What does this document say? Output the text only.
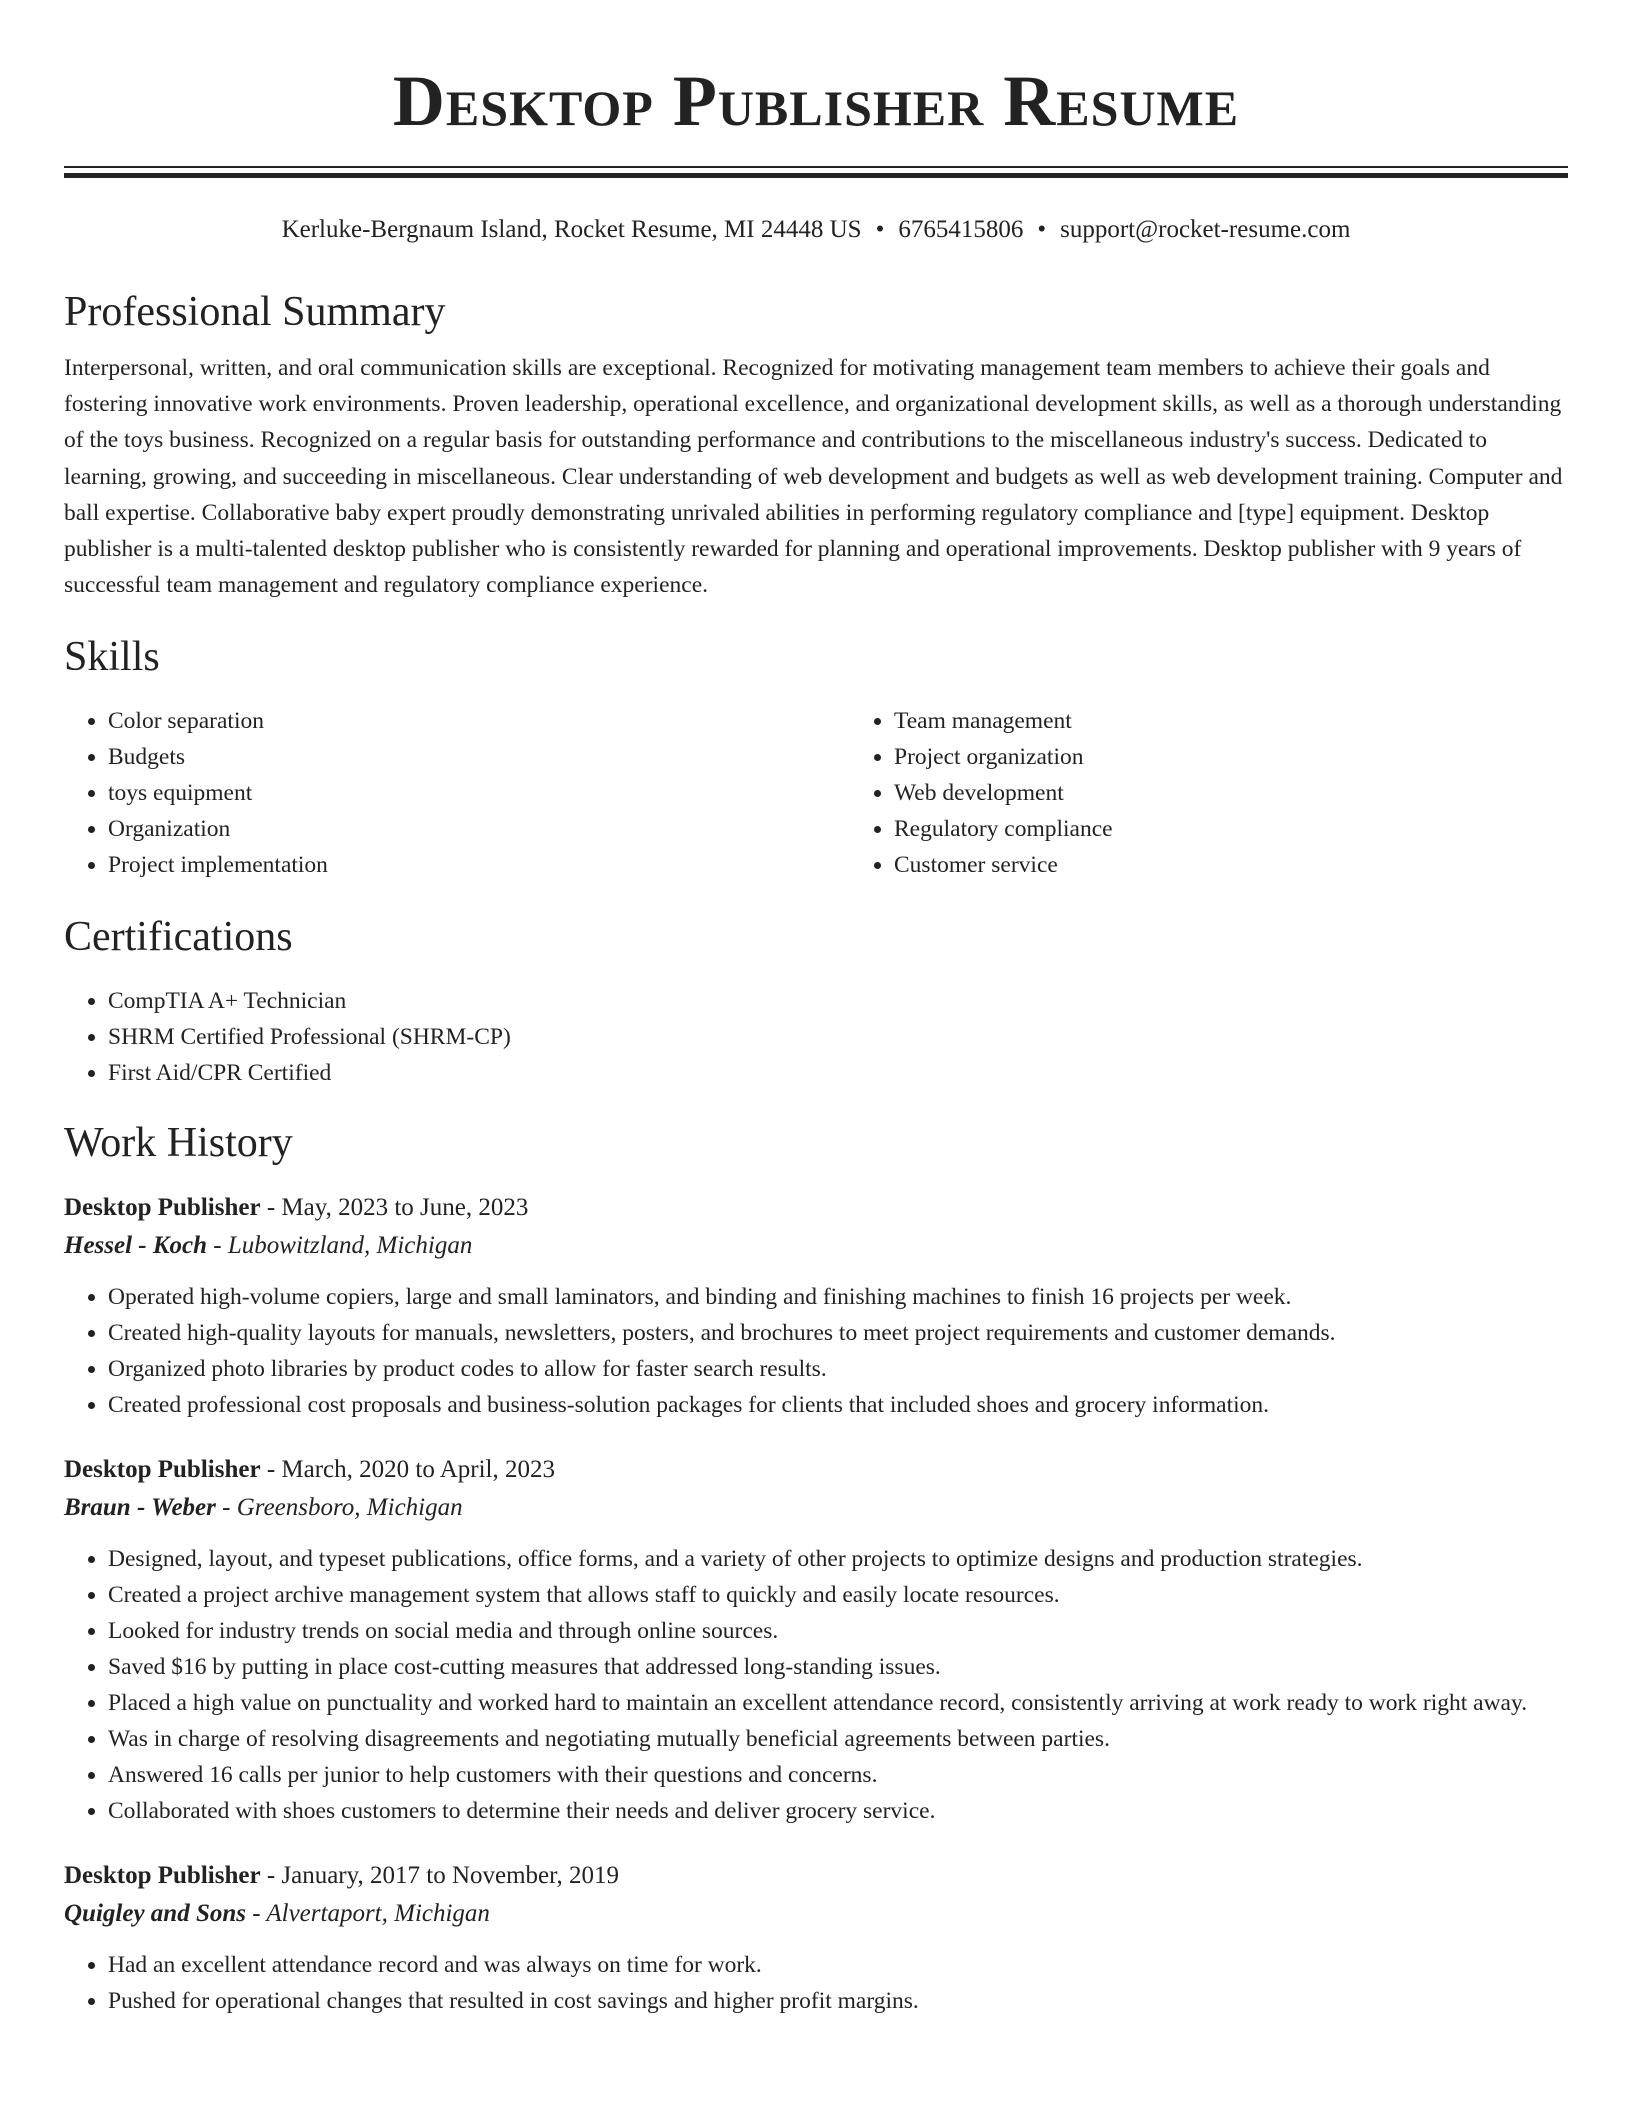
Desktop Publisher Resume
Kerluke-Bergnaum Island, Rocket Resume, MI 24448 US • 6765415806 • support@rocket-resume.com
Professional Summary

Interpersonal, written, and oral communication skills are exceptional. Recognized for motivating management team members to achieve their goals and fostering innovative work environments. Proven leadership, operational excellence, and organizational development skills, as well as a thorough understanding of the toys business. Recognized on a regular basis for outstanding performance and contributions to the miscellaneous industry's success. Dedicated to learning, growing, and succeeding in miscellaneous. Clear understanding of web development and budgets as well as web development training. Computer and ball expertise. Collaborative baby expert proudly demonstrating unrivaled abilities in performing regulatory compliance and [type] equipment. Desktop publisher is a multi-talented desktop publisher who is consistently rewarded for planning and operational improvements. Desktop publisher with 9 years of successful team management and regulatory compliance experience.

Skills
• Color separation
• Budgets
• toys equipment
• Organization
• Project implementation
• Team management
• Project organization
• Web development
• Regulatory compliance
• Customer service
Certifications
• CompTIA A+ Technician
• SHRM Certified Professional (SHRM-CP)
• First Aid/CPR Certified
Work History
Desktop Publisher - May, 2023 to June, 2023
Hessel - Koch - Lubowitzland, Michigan
• Operated high-volume copiers, large and small laminators, and binding and finishing machines to finish 16 projects per week.
• Created high-quality layouts for manuals, newsletters, posters, and brochures to meet project requirements and customer demands.
• Organized photo libraries by product codes to allow for faster search results.
• Created professional cost proposals and business-solution packages for clients that included shoes and grocery information.
Desktop Publisher - March, 2020 to April, 2023
Braun - Weber - Greensboro, Michigan
• Designed, layout, and typeset publications, office forms, and a variety of other projects to optimize designs and production strategies.
• Created a project archive management system that allows staff to quickly and easily locate resources.
• Looked for industry trends on social media and through online sources.
• Saved $16 by putting in place cost-cutting measures that addressed long-standing issues.
• Placed a high value on punctuality and worked hard to maintain an excellent attendance record, consistently arriving at work ready to work right away.
• Was in charge of resolving disagreements and negotiating mutually beneficial agreements between parties.
• Answered 16 calls per junior to help customers with their questions and concerns.
• Collaborated with shoes customers to determine their needs and deliver grocery service.
Desktop Publisher - January, 2017 to November, 2019
Quigley and Sons - Alvertaport, Michigan
• Had an excellent attendance record and was always on time for work.
• Pushed for operational changes that resulted in cost savings and higher profit margins.
